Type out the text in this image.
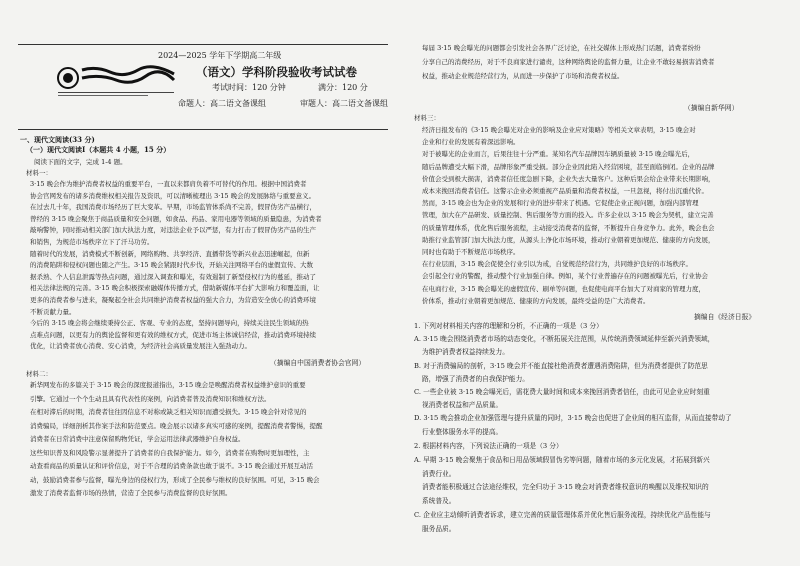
2024—2025 学年下学期高二年级
（语文）学科阶段验收考试试卷
考试时间：120 分钟	满分：120 分
命题人：高二语文备课组	审题人：高二语文备课组
一、现代文阅读(33 分)
（一）现代文阅读Ⅰ（本题共 4 小题，15 分）
阅读下面的文字，完成 1-4 题。
材料一：
3·15 晚会作为维护消费者权益的重要平台，一直以来都肩负着不可替代的作用。根据中国消费者
协会官网发布的诸多消费维权相关报告及资讯，可以清晰梳理出 3·15 晚会的发展脉络与重要意义。
在过去几十年，我国消费市场经历了巨大变革。早期，市场监管体系尚不完善，假冒伪劣产品横行，
曾经的 3·15 晚会聚焦于商品质量和安全问题，如食品、药品、家用电器等领域的质量隐患，为消费者
敲响警钟，同时推动相关部门加大执法力度，对违法企业予以严惩，有力打击了假冒伪劣产品的生产
和销售，为规范市场秩序立下了汗马功劳。
随着时代的发展，消费模式不断创新，网络购物、共享经济、直播带货等新兴业态迅速崛起，但新
的消费陷阱和侵权问题也随之产生。3·15 晚会紧跟时代步伐，开始关注网络平台的虚假宣传、大数
据杀熟、个人信息泄露等热点问题，通过深入调查和曝光，有效遏制了新型侵权行为的蔓延，推动了
相关法律法规的完善。3·15 晚会积极探索融媒体传播方式，借助新媒体平台扩大影响力和覆盖面，让
更多的消费者参与进来，凝聚起全社会共同维护消费者权益的强大合力，为营造安全放心的消费环境
不断贡献力量。
今后的 3·15 晚会将会继续秉持公正、客观、专业的态度，坚持问题导向，持续关注民生领域的热
点难点问题，以更有力的舆论监督和更有效的维权方式，促进市场主体诚信经营，推动消费环境持续
优化，让消费者放心消费、安心消费，为经济社会高质量发展注入强劲动力。
（摘编自中国消费者协会官网）
材料二：
新华网发布的多篇关于 3·15 晚会的深度报道指出，3·15 晚会是唤醒消费者权益维护意识的重要
引擎。它通过一个个生动且具有代表性的案例，向消费者普及消费知识和维权方法。
在相对滞后的时期，消费者往往因信息不对称或缺乏相关知识而遭受损失。3·15 晚会针对常见的
消费骗局，详细剖析其作案手法和防范要点。晚会展示以诸多真实可感的案例，提醒消费者警惕，提醒
消费者在日常消费中注意保留购物凭证，学会运用法律武器维护自身权益。
这些知识普及和风险警示显著提升了消费者的自我保护能力。如今，消费者在购物时更加理性，主
动查看商品的质量认证和评价信息，对于不合理的消费条款也敢于说不。3·15 晚会通过开展互动活
动，鼓励消费者参与监督，曝光身边的侵权行为，形成了全民参与维权的良好氛围。可见，3·15 晚会
激发了消费者监督市场的热情，营造了全民参与消费监督的良好氛围。
每届 3·15 晚会曝光的问题都会引发社会各界广泛讨论，在社交媒体上形成热门话题，消费者纷纷
分享自己的消费经历，对于不良商家进行谴责，这种网络舆论的监督力量，让企业不敢轻易损害消费者
权益，推动企业规范经营行为，从而进一步保护了市场和消费者权益。
（摘编自新华网）
材料三：
经济日报发布的《3·15 晚会曝光对企业的影响及企业应对策略》等相关文章表明，3·15 晚会对
企业和行业的发展有着深远影响。
对于被曝光的企业而言，后果往往十分严重。某知名汽车品牌因车辆质量被 3·15 晚会曝光后，
随后品牌遭受大幅下滑，品牌形象严重受损。部分企业因此陷入经营困境，甚至面临倒闭。企业的品牌
价值会受到极大损害，消费者信任度急剧下降，企业失去大量客户。这种后果会给企业带来长期影响，
成本来挽回消费者信任。这警示企业必须重视产品质量和消费者权益，一旦忽视，将付出沉重代价。
然而，3·15 晚会也为企业的发展和行业的进步带来了机遇。它促使企业正视问题，加强内部管理
管理，加大在产品研发、质量控制、售后服务等方面的投入。许多企业以 3·15 晚会为契机，建立完善
的质量管理体系，优化售后服务流程，主动接受消费者的监督，不断提升自身竞争力。此外，晚会也会
助推行业监管部门加大执法力度，从源头上净化市场环境，推动行业朝着更加规范、健康的方向发展，
同时也有助于不断规范市场秩序。
在行业层面，3·15 晚会促使全行业引以为戒，自觉规范经营行为，共同维护良好的市场秩序。
会引起全行业的警醒，推动整个行业加强自律。例如，某个行业普遍存在的问题被曝光后，行业协会
在电商行业，3·15 晚会曝光的虚假宣传、刷单等问题，也促使电商平台加大了对商家的管理力度，
价体系，推动行业朝着更加规范、健康的方向发展，最终受益的是广大消费者。
摘编自《经济日报》
1. 下列对材料相关内容的理解和分析，不正确的一项是（3 分）
A. 3·15 晚会围绕消费者市场的动态变化，不断拓展关注范围，从传统消费领域延伸至新兴消费领域，
为维护消费者权益持续发力。
B. 对于消费骗局的剖析，3·15 晚会并不能直接杜绝消费者遭遇消费陷阱，但为消费者提供了防范思
路，增强了消费者的自我保护能力。
C. 一些企业被 3·15 晚会曝光后，需花费大量时间和成本来挽回消费者信任，由此可见企业应时刻重
视消费者权益和产品质量。
D. 3·15 晚会推动企业加强管理与提升质量的同时，3·15 晚会也促进了企业间的相互监督，从而直接带动了
行业整体服务水平的提高。
2. 根据材料内容，下列说法正确的一项是（3 分）
A. 早期 3·15 晚会聚焦于食品和日用品领域假冒伪劣等问题，随着市场的多元化发展，才拓展到新兴
消费行业。
消费者能积极通过合法途径维权，完全归功于 3·15 晚会对消费者维权意识的唤醒以及维权知识的
系统普及。
C. 企业应主动倾听消费者诉求，建立完善的质量管理体系并优化售后服务流程，持续优化产品性能与
服务品质。
